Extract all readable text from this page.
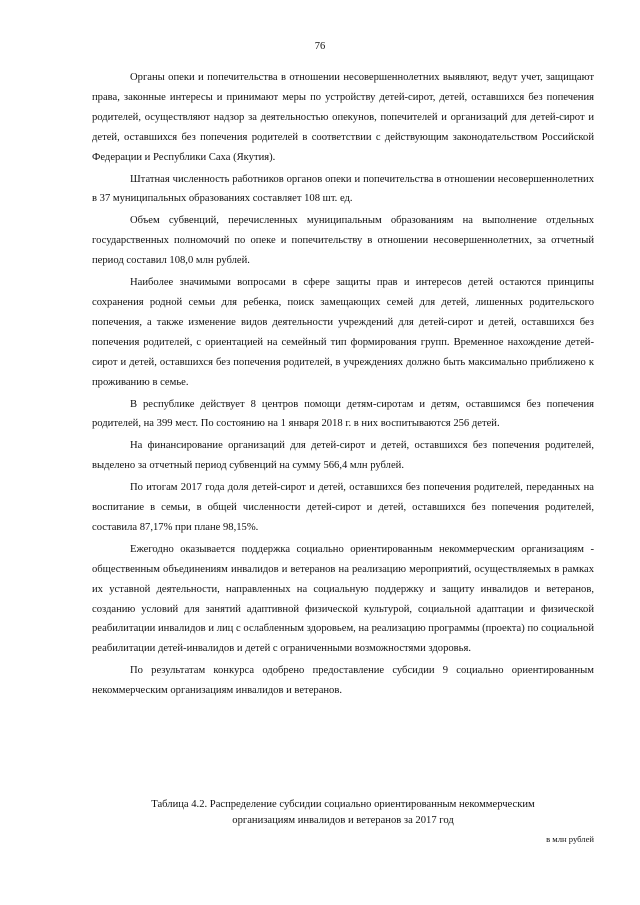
76

Органы опеки и попечительства в отношении несовершеннолетних выявляют, ведут учет, защищают права, законные интересы и принимают меры по устройству детей-сирот, детей, оставшихся без попечения родителей, осуществляют надзор за деятельностью опекунов, попечителей и организаций для детей-сирот и детей, оставшихся без попечения родителей в соответствии с действующим законодательством Российской Федерации и Республики Саха (Якутия).

Штатная численность работников органов опеки и попечительства в отношении несовершеннолетних в 37 муниципальных образованиях составляет 108 шт. ед.

Объем субвенций, перечисленных муниципальным образованиям на выполнение отдельных государственных полномочий по опеке и попечительству в отношении несовершеннолетних, за отчетный период составил 108,0 млн рублей.

Наиболее значимыми вопросами в сфере защиты прав и интересов детей остаются принципы сохранения родной семьи для ребенка, поиск замещающих семей для детей, лишенных родительского попечения, а также изменение видов деятельности учреждений для детей-сирот и детей, оставшихся без попечения родителей, с ориентацией на семейный тип формирования групп. Временное нахождение детей-сирот и детей, оставшихся без попечения родителей, в учреждениях должно быть максимально приближено к проживанию в семье.

В республике действует 8 центров помощи детям-сиротам и детям, оставшимся без попечения родителей, на 399 мест. По состоянию на 1 января 2018 г. в них воспитываются 256 детей.

На финансирование организаций для детей-сирот и детей, оставшихся без попечения родителей, выделено за отчетный период субвенций на сумму 566,4 млн рублей.

По итогам 2017 года доля детей-сирот и детей, оставшихся без попечения родителей, переданных на воспитание в семьи, в общей численности детей-сирот и детей, оставшихся без попечения родителей, составила 87,17% при плане 98,15%.

Ежегодно оказывается поддержка социально ориентированным некоммерческим организациям - общественным объединениям инвалидов и ветеранов на реализацию мероприятий, осуществляемых в рамках их уставной деятельности, направленных на социальную поддержку и защиту инвалидов и ветеранов, созданию условий для занятий адаптивной физической культурой, социальной адаптации и физической реабилитации инвалидов и лиц с ослабленным здоровьем, на реализацию программы (проекта) по социальной реабилитации детей-инвалидов и детей с ограниченными возможностями здоровья.

По результатам конкурса одобрено предоставление субсидии 9 социально ориентированным некоммерческим организациям инвалидов и ветеранов.

Таблица 4.2. Распределение субсидии социально ориентированным некоммерческим
организациям инвалидов и ветеранов за 2017 год
в млн рублей
